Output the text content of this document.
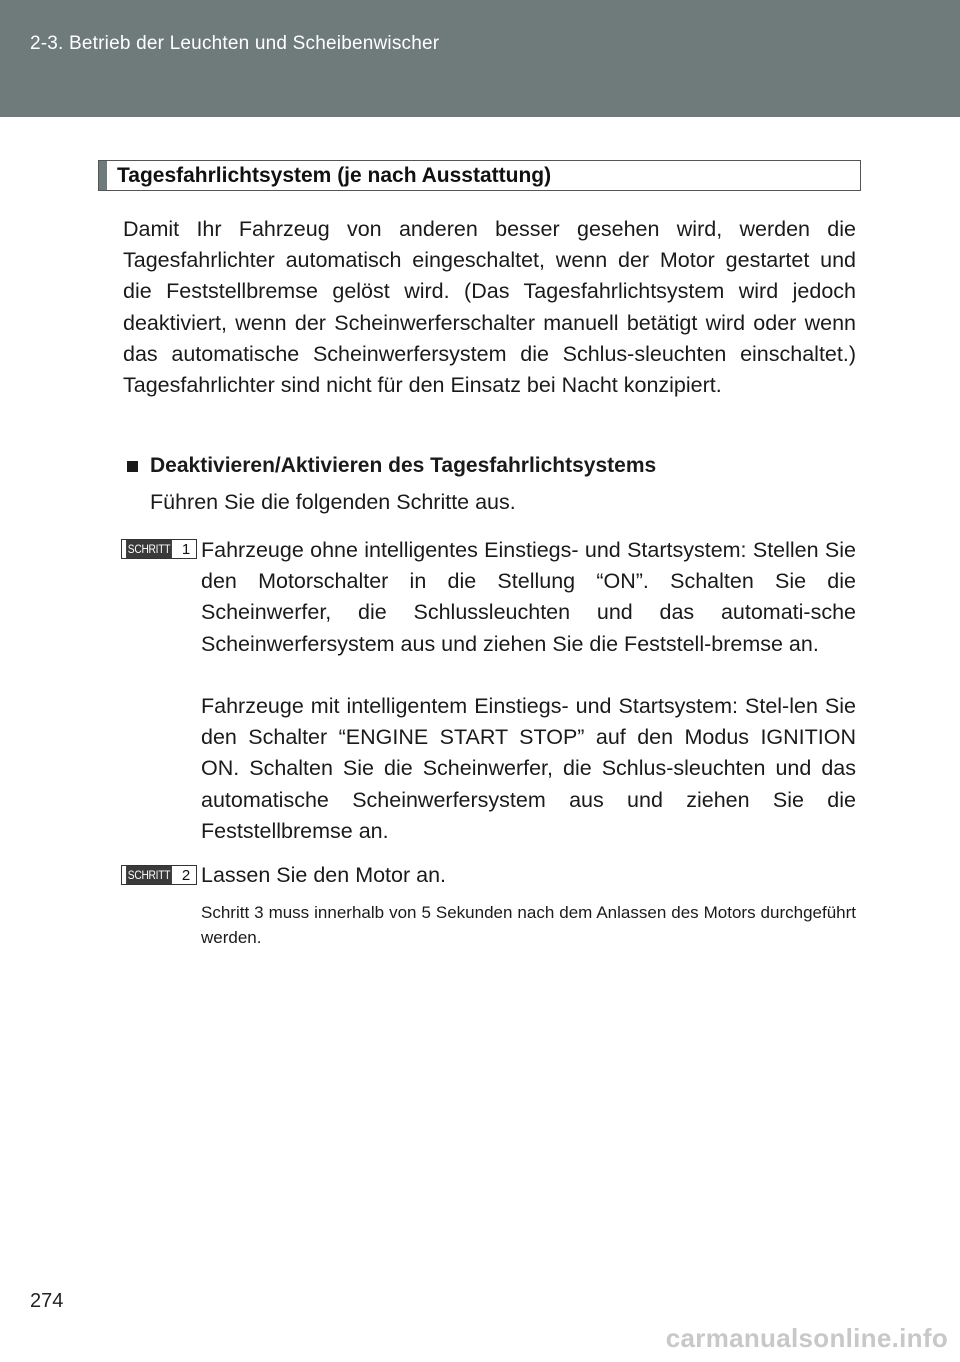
2-3. Betrieb der Leuchten und Scheibenwischer
Tagesfahrlichtsystem (je nach Ausstattung)

Damit Ihr Fahrzeug von anderen besser gesehen wird, werden die Tagesfahrlichter automatisch eingeschaltet, wenn der Motor gestartet und die Feststellbremse gelöst wird. (Das Tagesfahrlichtsystem wird jedoch deaktiviert, wenn der Scheinwerferschalter manuell betätigt wird oder wenn das automatische Scheinwerfersystem die Schlus-sleuchten einschaltet.) Tagesfahrlichter sind nicht für den Einsatz bei Nacht konzipiert.

Deaktivieren/Aktivieren des Tagesfahrlichtsystems
Führen Sie die folgenden Schritte aus.
SCHRITT 1 Fahrzeuge ohne intelligentes Einstiegs- und Startsystem: Stellen Sie den Motorschalter in die Stellung “ON”. Schalten Sie die Scheinwerfer, die Schlussleuchten und das automati-sche Scheinwerfersystem aus und ziehen Sie die Feststell-bremse an.

Fahrzeuge mit intelligentem Einstiegs- und Startsystem: Stel-len Sie den Schalter “ENGINE START STOP” auf den Modus IGNITION ON. Schalten Sie die Scheinwerfer, die Schlus-sleuchten und das automatische Scheinwerfersystem aus und ziehen Sie die Feststellbremse an.

SCHRITT 2 Lassen Sie den Motor an.

Schritt 3 muss innerhalb von 5 Sekunden nach dem Anlassen des Motors durchgeführt werden.

274
carmanualsonline.info
